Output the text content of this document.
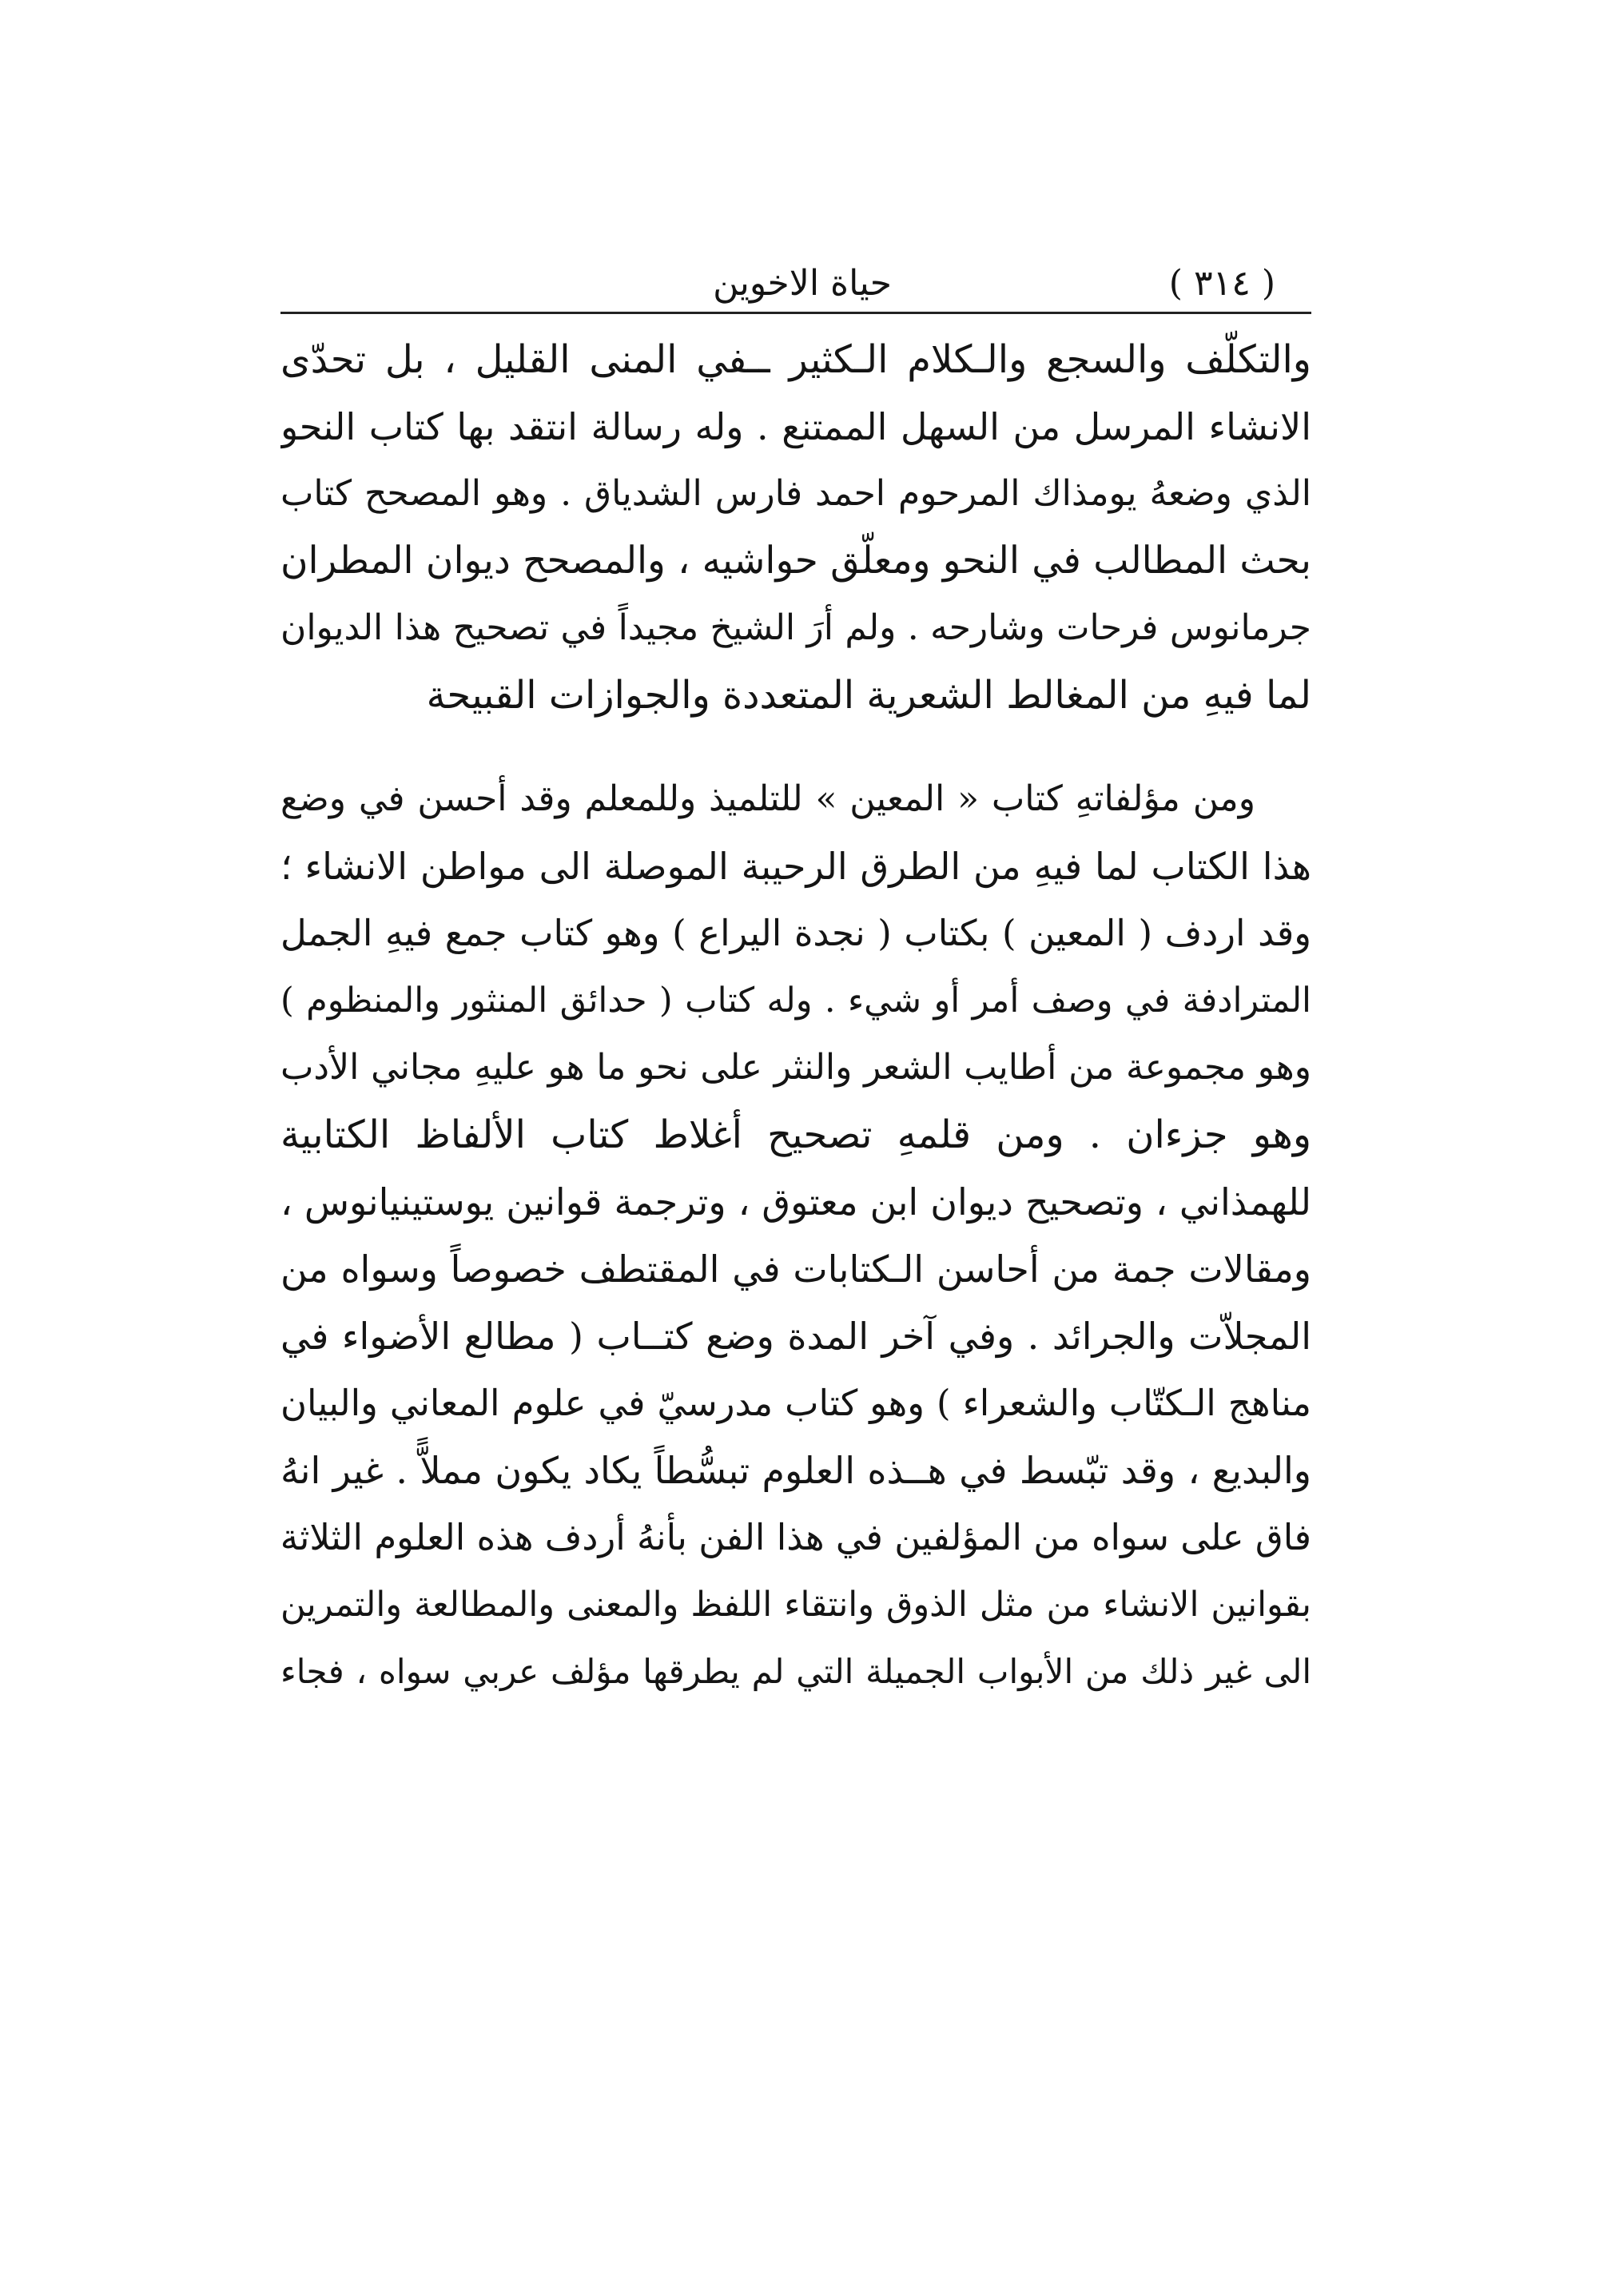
( ٣١٤ )
حياة الاخوين
والتكلّف والسجع والـكلام الـكثير ــفي المنى القليل ، بل تحدّى
الانشاء المرسل من السهل الممتنع . وله رسالة انتقد بها كتاب النحو
الذي وضعهُ يومذاك المرحوم احمد فارس الشدياق . وهو المصحح كتاب
بحث المطالب في النحو ومعلّق حواشيه ، والمصحح ديوان المطران
جرمانوس فرحات وشارحه . ولم أرَ الشيخ مجيداً في تصحيح هذا الديوان
لما فيهِ من المغالط الشعرية المتعددة والجوازات القبيحة
ومن مؤلفاتهِ كتاب « المعين » للتلميذ وللمعلم وقد أحسن في وضع
هذا الكتاب لما فيهِ من الطرق الرحيبة الموصلة الى مواطن الانشاء ؛
وقد اردف ( المعين ) بكتاب ( نجدة اليراع ) وهو كتاب جمع فيهِ الجمل
المترادفة في وصف أمر أو شيء . وله كتاب ( حدائق المنثور والمنظوم )
وهو مجموعة من أطايب الشعر والنثر على نحو ما هو عليهِ مجاني الأدب
وهو جزءان . ومن قلمهِ تصحيح أغلاط كتاب الألفاظ الكتابية
للهمذاني ، وتصحيح ديوان ابن معتوق ، وترجمة قوانين يوستينيانوس ،
ومقالات جمة من أحاسن الـكتابات في المقتطف خصوصاً وسواه من
المجلاّت والجرائد . وفي آخر المدة وضع كتــاب ( مطالع الأضواء في
مناهج الـكتّاب والشعراء ) وهو كتاب مدرسيّ في علوم المعاني والبيان
والبديع ، وقد تبّسط في هــذه العلوم تبسُّطاً يكاد يكون مملاًّ . غير انهُ
فاق على سواه من المؤلفين في هذا الفن بأنهُ أردف هذه العلوم الثلاثة
بقوانين الانشاء من مثل الذوق وانتقاء اللفظ والمعنى والمطالعة والتمرين
الى غير ذلك من الأبواب الجميلة التي لم يطرقها مؤلف عربي سواه ، فجاء
